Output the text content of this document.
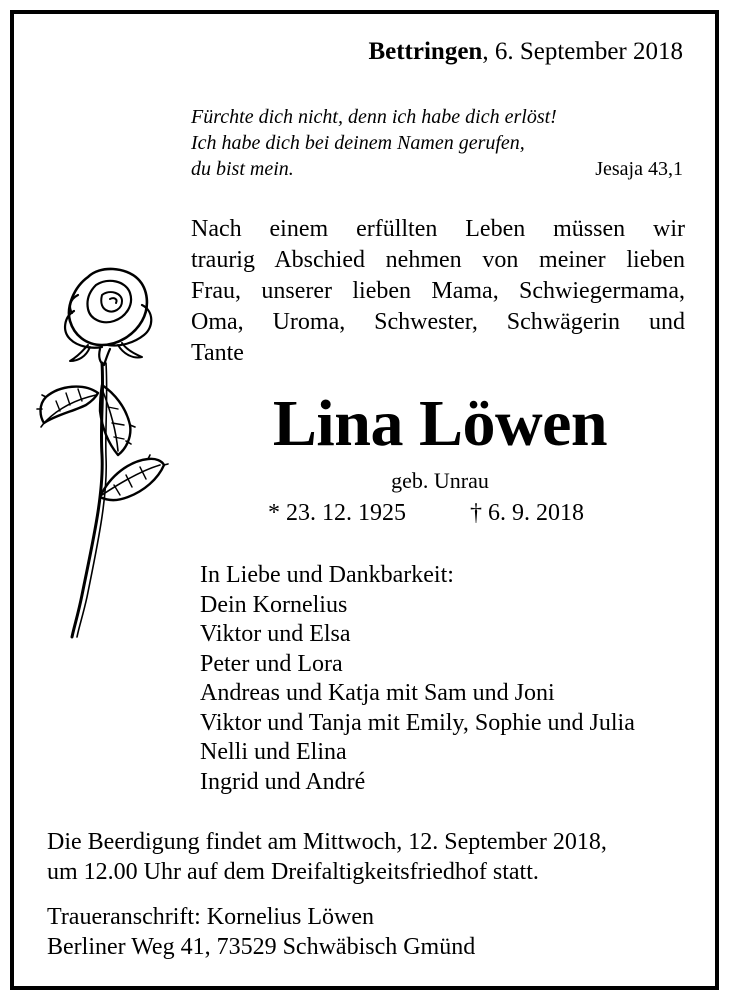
Bettringen, 6. September 2018
Fürchte dich nicht, denn ich habe dich erlöst!
Ich habe dich bei deinem Namen gerufen,
du bist mein.	Jesaja 43,1
Nach einem erfüllten Leben müssen wir
traurig Abschied nehmen von meiner lieben
Frau, unserer lieben Mama, Schwiegermama,
Oma, Uroma, Schwester, Schwägerin und
Tante
Lina Löwen
geb. Unrau
* 23. 12. 1925	† 6. 9. 2018
In Liebe und Dankbarkeit:
Dein Kornelius
Viktor und Elsa
Peter und Lora
Andreas und Katja mit Sam und Joni
Viktor und Tanja mit Emily, Sophie und Julia
Nelli und Elina
Ingrid und André
Die Beerdigung findet am Mittwoch, 12. September 2018,
um 12.00 Uhr auf dem Dreifaltigkeitsfriedhof statt.
Traueranschrift: Kornelius Löwen
Berliner Weg 41, 73529 Schwäbisch Gmünd
